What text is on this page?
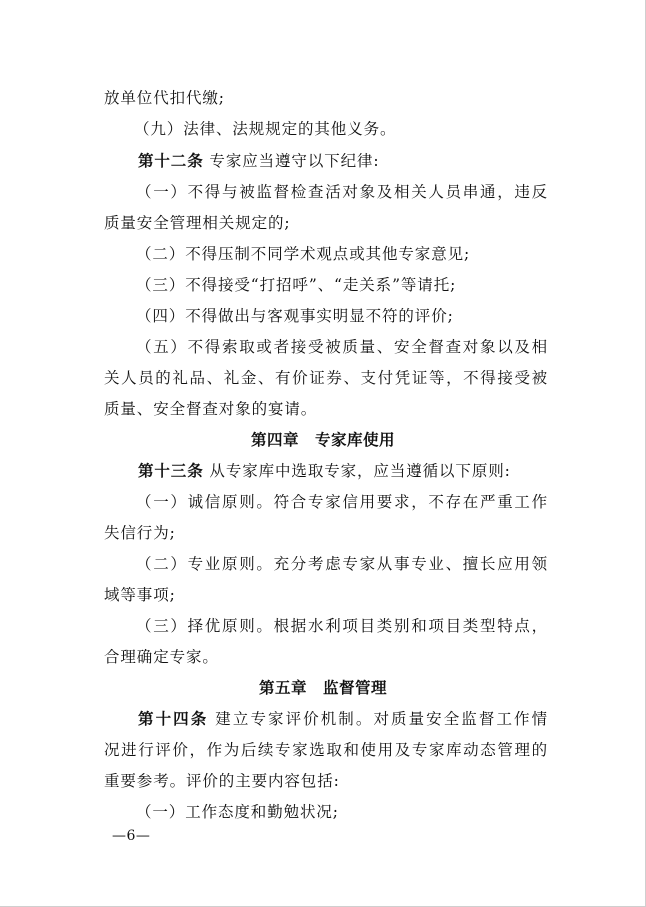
放单位代扣代缴;
（九）法律、法规规定的其他义务。
第十二条 专家应当遵守以下纪律:
（一）不得与被监督检查活对象及相关人员串通，违反
质量安全管理相关规定的;
（二）不得压制不同学术观点或其他专家意见;
（三）不得接受“打招呼”、“走关系”等请托;
（四）不得做出与客观事实明显不符的评价;
（五）不得索取或者接受被质量、安全督查对象以及相
关人员的礼品、礼金、有价证券、支付凭证等，不得接受被
质量、安全督查对象的宴请。
第四章　专家库使用
第十三条 从专家库中选取专家，应当遵循以下原则:
（一）诚信原则。符合专家信用要求，不存在严重工作
失信行为;
（二）专业原则。充分考虑专家从事专业、擅长应用领
域等事项;
（三）择优原则。根据水利项目类别和项目类型特点，
合理确定专家。
第五章　监督管理
第十四条 建立专家评价机制。对质量安全监督工作情
况进行评价，作为后续专家选取和使用及专家库动态管理的
重要参考。评价的主要内容包括:
（一）工作态度和勤勉状况;
—6—
